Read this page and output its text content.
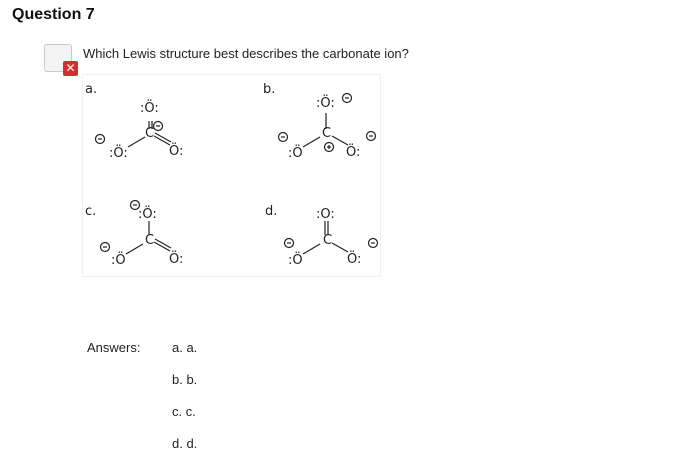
Question 7
✕
Which Lewis structure best describes the carbonate ion?
a.
:Ö:
C
:Ö:	Ö:
b.
:Ö:
C
:Ö	Ö:
c.	:Ö:
C
:Ö	Ö:
d.	:O:
C
:Ö	Ö:
Answers: a. a.
b. b.
c. c.
d. d.
